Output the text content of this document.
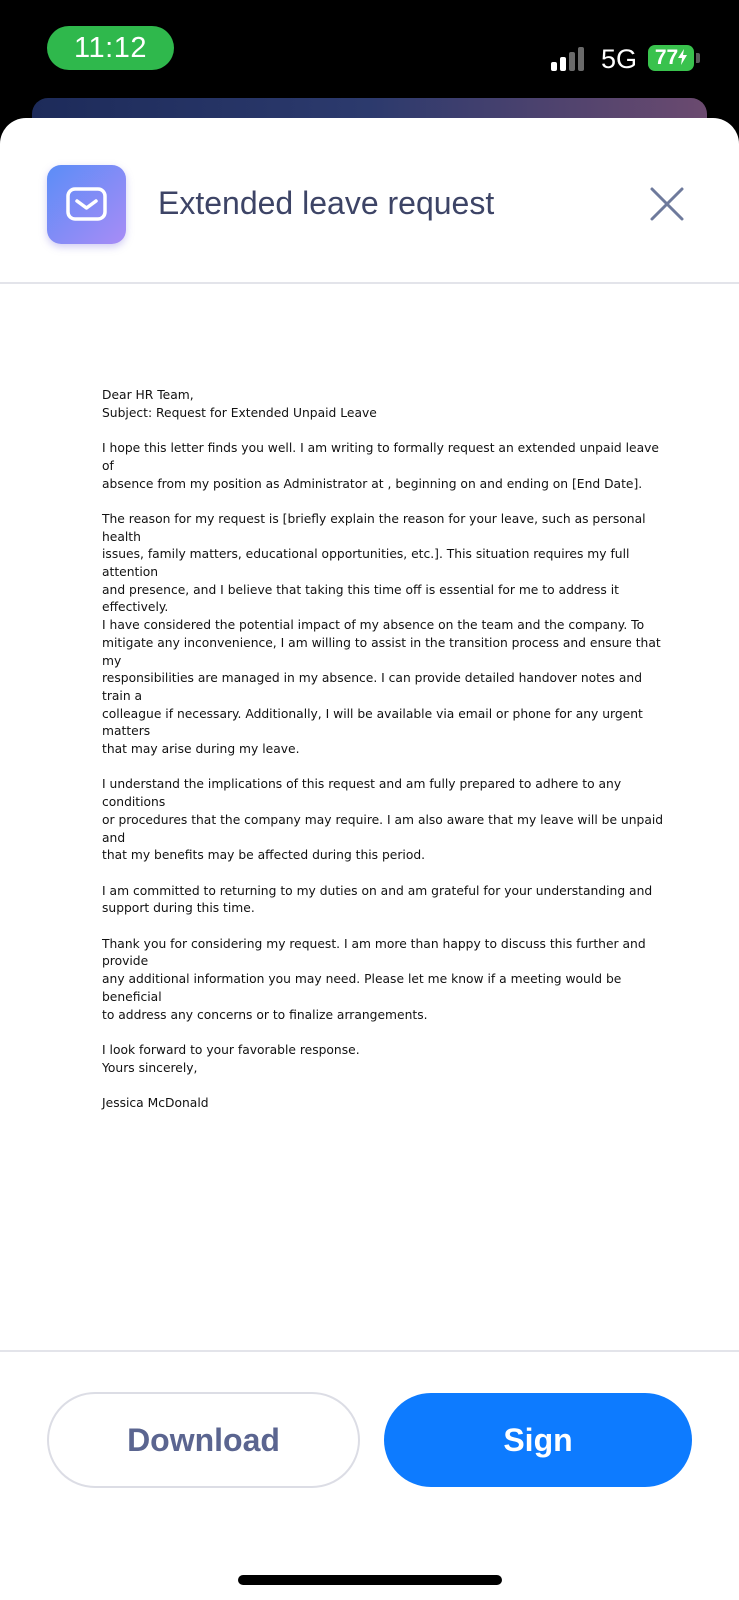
11:12	5G 77
Extended leave request

Dear HR Team,
Subject: Request for Extended Unpaid Leave

I hope this letter finds you well. I am writing to formally request an extended unpaid leave of
absence from my position as Administrator at , beginning on and ending on [End Date].

The reason for my request is [briefly explain the reason for your leave, such as personal health
issues, family matters, educational opportunities, etc.]. This situation requires my full attention
and presence, and I believe that taking this time off is essential for me to address it effectively.
I have considered the potential impact of my absence on the team and the company. To
mitigate any inconvenience, I am willing to assist in the transition process and ensure that my
responsibilities are managed in my absence. I can provide detailed handover notes and train a
colleague if necessary. Additionally, I will be available via email or phone for any urgent matters
that may arise during my leave.

I understand the implications of this request and am fully prepared to adhere to any conditions
or procedures that the company may require. I am also aware that my leave will be unpaid and
that my benefits may be affected during this period.

I am committed to returning to my duties on and am grateful for your understanding and
support during this time.

Thank you for considering my request. I am more than happy to discuss this further and provide
any additional information you may need. Please let me know if a meeting would be beneficial
to address any concerns or to finalize arrangements.

I look forward to your favorable response.
Yours sincerely,

Jessica McDonald

Download	Sign
